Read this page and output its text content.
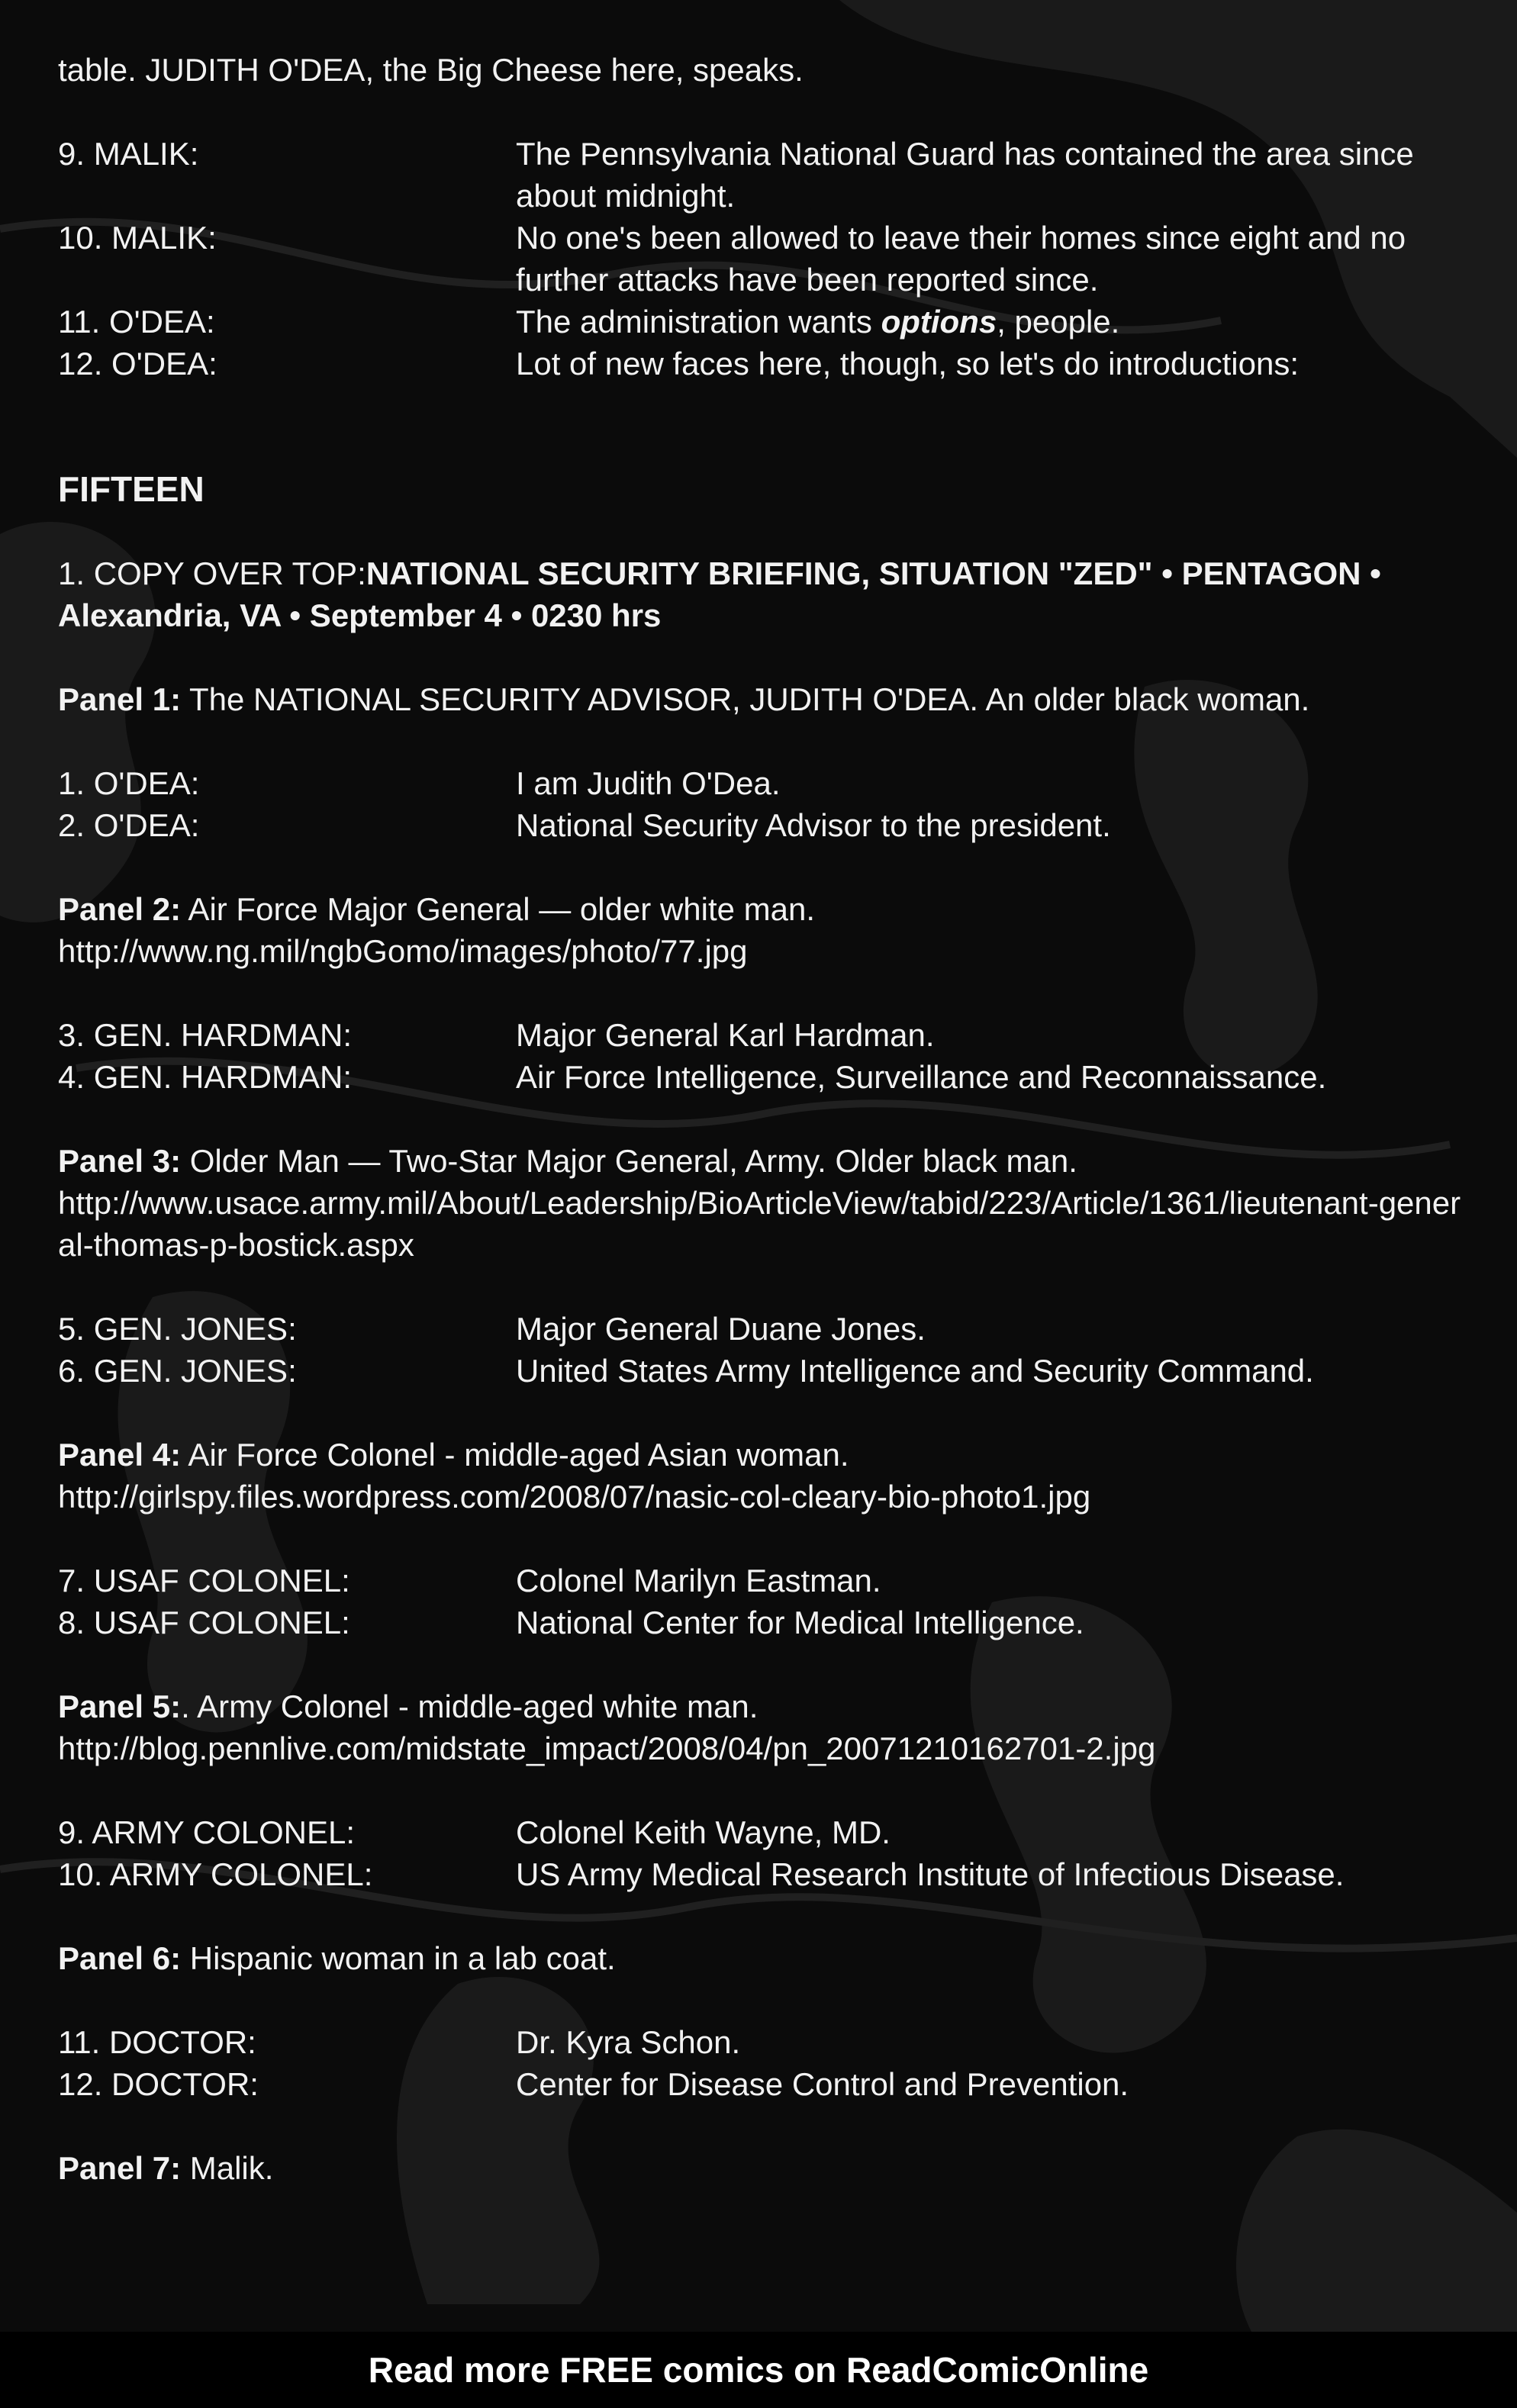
table. JUDITH O'DEA, the Big Cheese here, speaks.

9. MALIK:	The Pennsylvania National Guard has contained the area since about midnight.
10. MALIK:	No one's been allowed to leave their homes since eight and no further attacks have been reported since.
11. O'DEA:	The administration wants options, people.
12. O'DEA:	Lot of new faces here, though, so let's do introductions:
FIFTEEN

1. COPY OVER TOP:NATIONAL SECURITY BRIEFING, SITUATION "ZED" • PENTAGON • Alexandria, VA • September 4 • 0230 hrs

Panel 1: The NATIONAL SECURITY ADVISOR, JUDITH O'DEA. An older black woman.

1. O'DEA:	I am Judith O'Dea.
2. O'DEA:	National Security Advisor to the president.

Panel 2: Air Force Major General — older white man.

http://www.ng.mil/ngbGomo/images/photo/77.jpg

3. GEN. HARDMAN:	Major General Karl Hardman.
4. GEN. HARDMAN:	Air Force Intelligence, Surveillance and Reconnaissance.

Panel 3: Older Man — Two-Star Major General, Army. Older black man.

http://www.usace.army.mil/About/Leadership/BioArticleView/tabid/223/Article/1361/lieutenant-general-thomas-p-bostick.aspx

5. GEN. JONES:	Major General Duane Jones.
6. GEN. JONES:	United States Army Intelligence and Security Command.

Panel 4: Air Force Colonel - middle-aged Asian woman.

http://girlspy.files.wordpress.com/2008/07/nasic-col-cleary-bio-photo1.jpg

7. USAF COLONEL:	Colonel Marilyn Eastman.
8. USAF COLONEL:	National Center for Medical Intelligence.

Panel 5:. Army Colonel - middle-aged white man.

http://blog.pennlive.com/midstate_impact/2008/04/pn_20071210162701-2.jpg

9. ARMY COLONEL:	Colonel Keith Wayne, MD.
10. ARMY COLONEL:	US Army Medical Research Institute of Infectious Disease.

Panel 6: Hispanic woman in a lab coat.

11. DOCTOR:	Dr. Kyra Schon.
12. DOCTOR:	Center for Disease Control and Prevention.

Panel 7: Malik.

Read more FREE comics on ReadComicOnline
